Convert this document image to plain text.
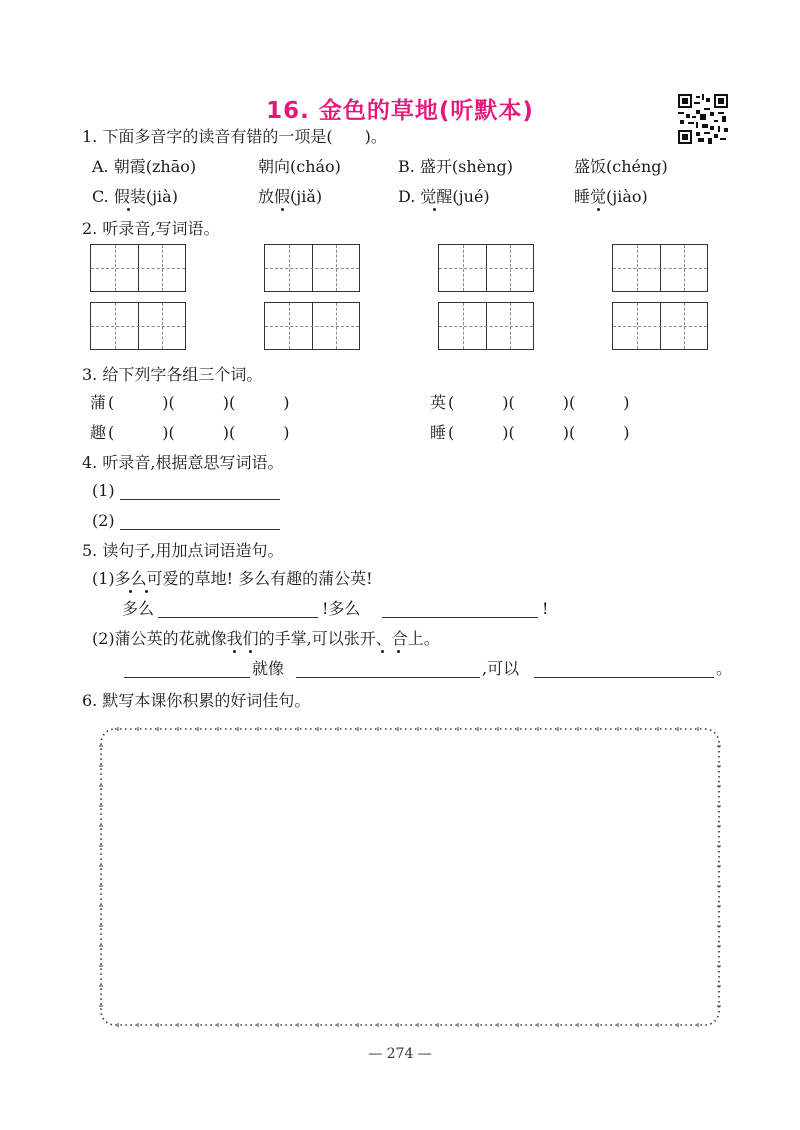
16. 金色的草地(听默本)
1. 下面多音字的读音有错的一项是(　　)。
A. 朝霞(zhāo)	朝向(cháo)	B. 盛开(shèng)	盛饭(chéng)
C. 假装(jià)	放假(jiǎ)	D. 觉醒(jué)	睡觉(jiào)
2. 听录音,写词语。
3. 给下列字各组三个词。
蒲 (　　　)(　　　)(　　　)	英 (　　　)(　　　)(　　　)
趣 (　　　)(　　　)(　　　)	睡 (　　　)(　　　)(　　　)
4. 听录音,根据意思写词语。
(1)
(2)
5. 读句子,用加点词语造句。
(1)多么可爱的草地! 多么有趣的蒲公英!
多么	!多么	!
(2)蒲公英的花就像我们的手掌,可以张开、合上。
就像	,可以	。
6. 默写本课你积累的好词佳句。
— 274 —
